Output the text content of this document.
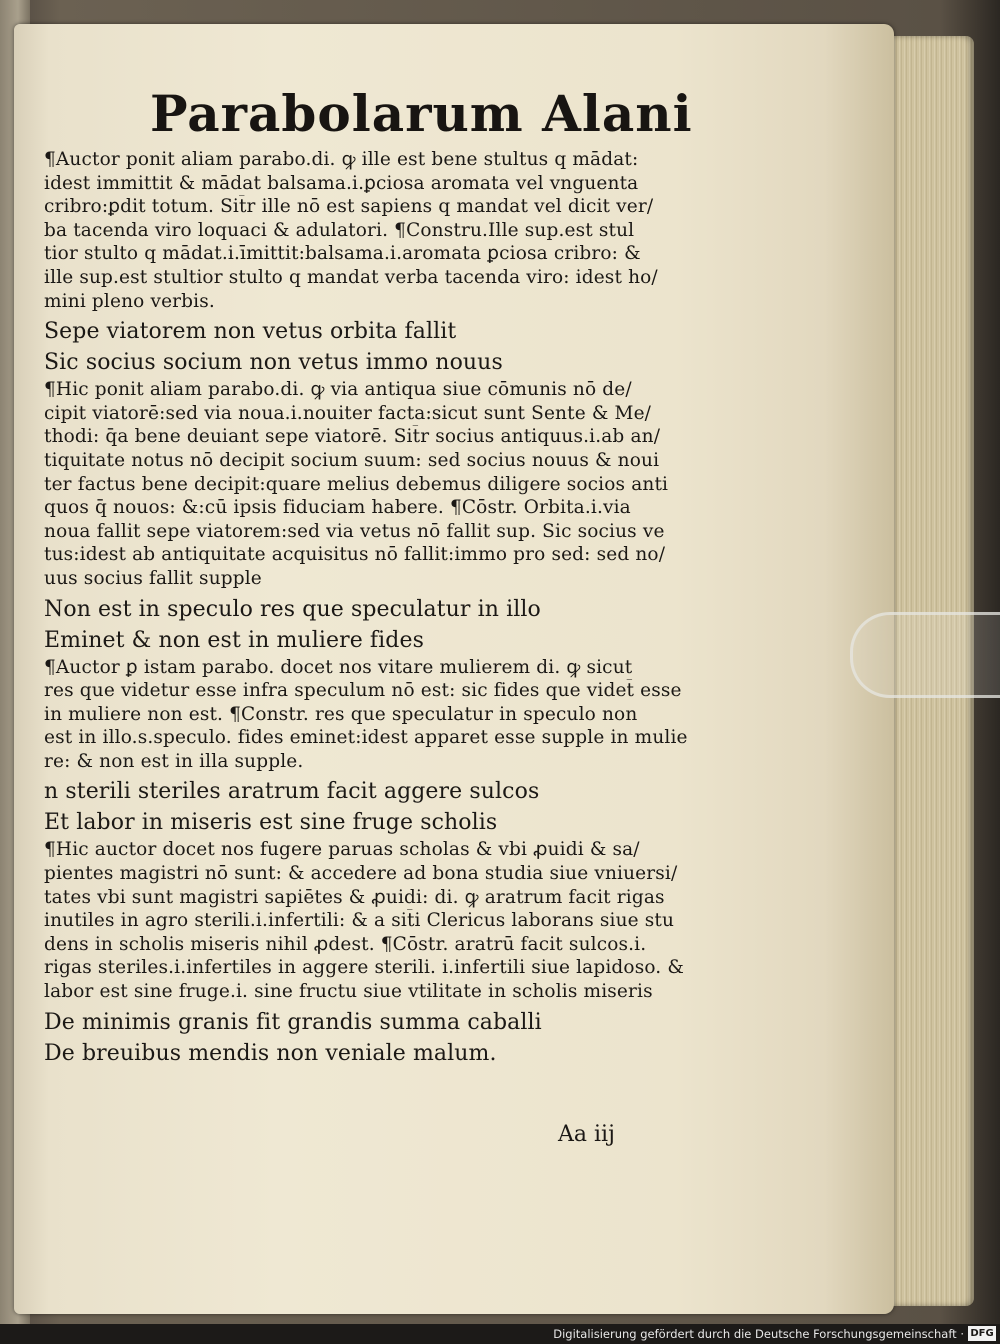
Parabolarum Alani
¶Auctor ponit aliam parabo.di. ꝙ ille est bene stultus q mādat:
idest immittit & mādat balsama.i.ꝑciosa aromata vel vnguenta
cribro:ꝑdit totum. Sit̄r ille nō est sapiens q mandat vel dicit ver/
ba tacenda viro loquaci & adulatori. ¶Constru.Ille sup.est stul
tior stulto q mādat.i.īmittit:balsama.i.aromata ꝑciosa cribro: &
ille sup.est stultior stulto q mandat verba tacenda viro: idest ho/
mini pleno verbis.
Sepe viatorem non vetus orbita fallit
Sic socius socium non vetus immo nouus
¶Hic ponit aliam parabo.di. ꝙ via antiqua siue cōmunis nō de/
cipit viatorē:sed via noua.i.nouiter facta:sicut sunt Sente & Me/
thodi: q̄a bene deuiant sepe viatorē. Sit̄r socius antiquus.i.ab an/
tiquitate notus nō decipit socium suum: sed socius nouus & noui
ter factus bene decipit:quare melius debemus diligere socios anti
quos q̄ nouos: &:cū ipsis fiduciam habere. ¶Cōstr. Orbita.i.via
noua fallit sepe viatorem:sed via vetus nō fallit sup. Sic socius ve
tus:idest ab antiquitate acquisitus nō fallit:immo pro sed: sed no/
uus socius fallit supple
Non est in speculo res que speculatur in illo
Eminet & non est in muliere fides
¶Auctor ꝑ istam parabo. docet nos vitare mulierem di. ꝙ sicut
res que videtur esse infra speculum nō est: sic fides que videt̄ esse
in muliere non est. ¶Constr. res que speculatur in speculo non
est in illo.s.speculo. fides eminet:idest apparet esse supple in mulie
re: & non est in illa supple.
n sterili steriles aratrum facit aggere sulcos
Et labor in miseris est sine fruge scholis
¶Hic auctor docet nos fugere paruas scholas & vbi ꝓuidi & sa/
pientes magistri nō sunt: & accedere ad bona studia siue vniuersi/
tates vbi sunt magistri sapiētes & ꝓuidi: di. ꝙ aratrum facit rigas
inutiles in agro sterili.i.infertili: & a sit̄i Clericus laborans siue stu
dens in scholis miseris nihil ꝓdest. ¶Cōstr. aratrū facit sulcos.i.
rigas steriles.i.infertiles in aggere sterili. i.infertili siue lapidoso. &
labor est sine fruge.i. sine fructu siue vtilitate in scholis miseris
De minimis granis fit grandis summa caballi
De breuibus mendis non veniale malum.
Aa iij
Digitalisierung gefördert durch die Deutsche Forschungsgemeinschaft · DFG
